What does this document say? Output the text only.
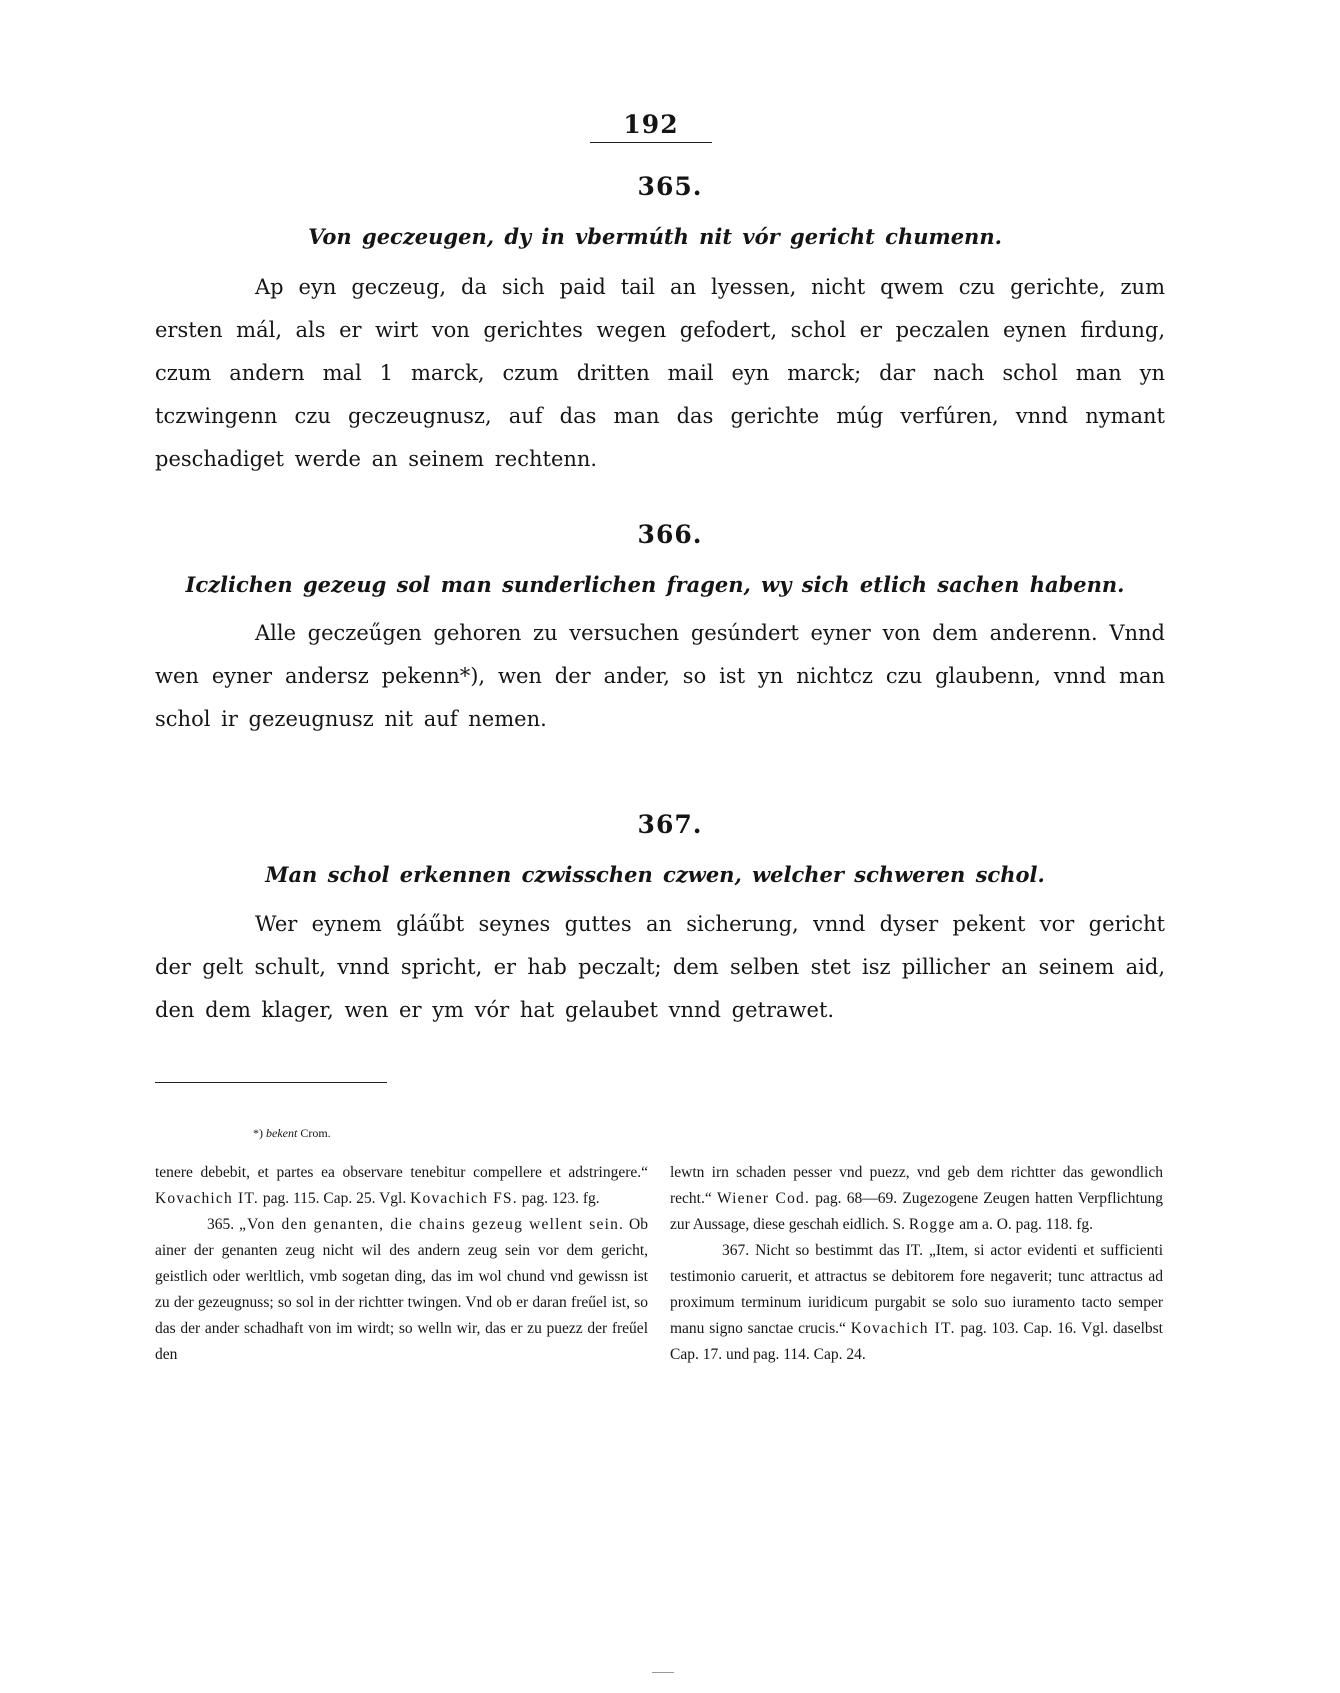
192
365.
Von geczeugen, dy in vbermúth nit vór gericht chumenn.

Ap eyn geczeug, da sich paid tail an lyessen, nicht qwem czu gerichte, zum ersten mál, als er wirt von gerichtes wegen gefodert, schol er peczalen eynen firdung, czum andern mal 1 marck, czum dritten mail eyn marck; dar nach schol man yn tczwingenn czu geczeugnusz, auf das man das gerichte múg verfúren, vnnd nymant peschadiget werde an seinem rechtenn.

366.
Iczlichen gezeug sol man sunderlichen fragen, wy sich etlich sachen habenn.

Alle geczeűgen gehoren zu versuchen gesúndert eyner von dem anderenn. Vnnd wen eyner andersz pekenn*), wen der ander, so ist yn nichtcz czu glaubenn, vnnd man schol ir gezeugnusz nit auf nemen.

367.
Man schol erkennen czwisschen czwen, welcher schweren schol.

Wer eynem gláűbt seynes guttes an sicherung, vnnd dyser pekent vor gericht der gelt schult, vnnd spricht, er hab peczalt; dem selben stet isz pillicher an seinem aid, den dem klager, wen er ym vór hat gelaubet vnnd getrawet.

*) bekent Crom.

tenere debebit, et partes ea observare tenebitur compellere et adstringere.“ Kovachich IT. pag. 115. Cap. 25. Vgl. Kovachich FS. pag. 123. fg.

365. „Von den genanten, die chains gezeug wellent sein. Ob ainer der genanten zeug nicht wil des andern zeug sein vor dem gericht, geistlich oder werltlich, vmb sogetan ding, das im wol chund vnd gewissn ist zu der gezeugnuss; so sol in der richtter twingen. Vnd ob er daran freűel ist, so das der ander schadhaft von im wirdt; so welln wir, das er zu puezz der freűel den

lewtn irn schaden pesser vnd puezz, vnd geb dem richtter das gewondlich recht.“ Wiener Cod. pag. 68—69. Zugezogene Zeugen hatten Verpflichtung zur Aussage, diese geschah eidlich. S. Rogge am a. O. pag. 118. fg.

367. Nicht so bestimmt das IT. „Item, si actor evidenti et sufficienti testimonio caruerit, et attractus se debitorem fore negaverit; tunc attractus ad proximum terminum iuridicum purgabit se solo suo iuramento tacto semper manu signo sanctae crucis.“ Kovachich IT. pag. 103. Cap. 16. Vgl. daselbst Cap. 17. und pag. 114. Cap. 24.
